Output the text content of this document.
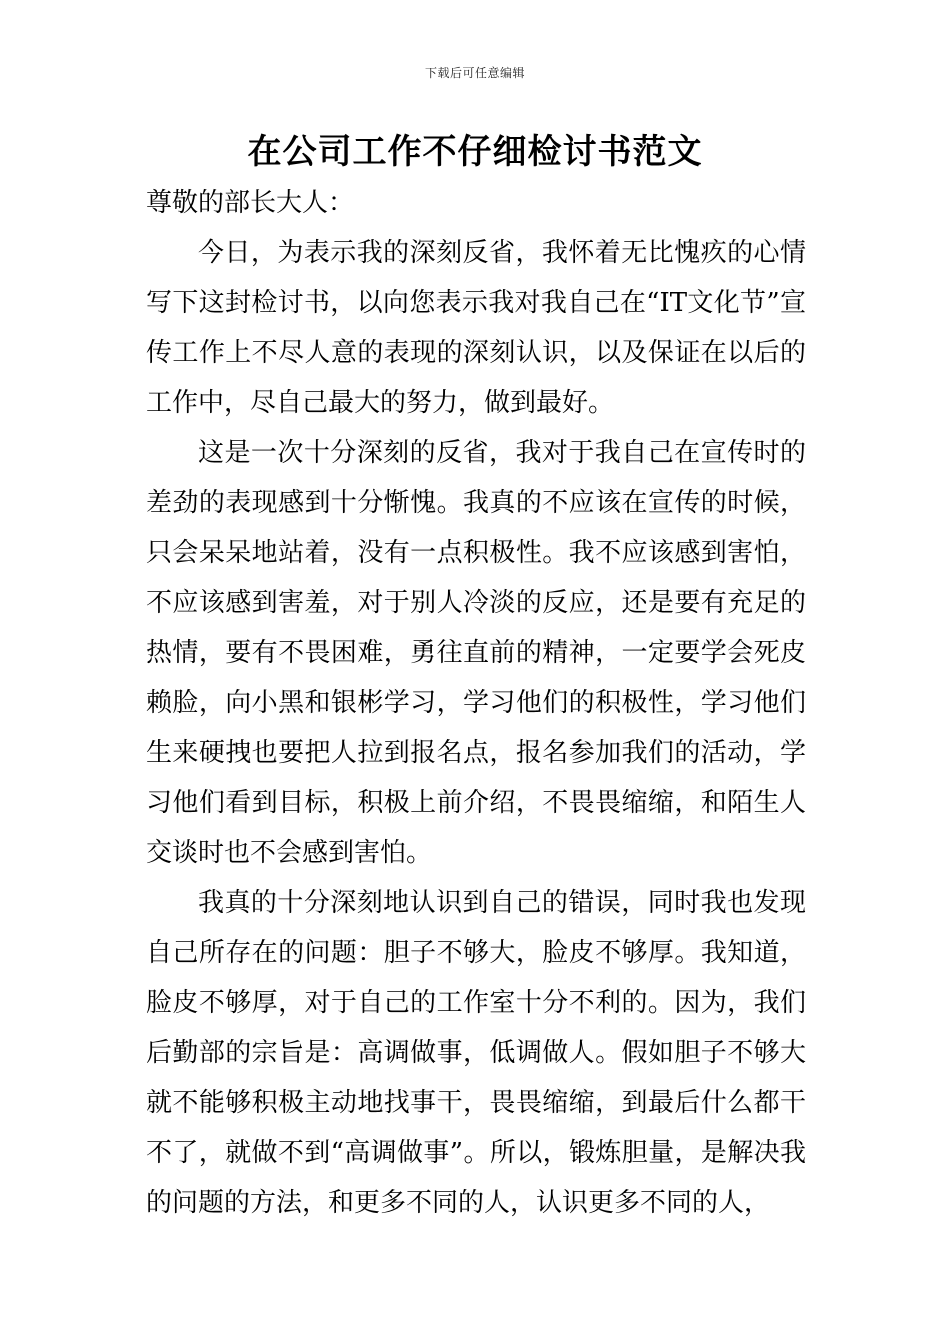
下载后可任意编辑
在公司工作不仔细检讨书范文

尊敬的部长大人：

今日，为表示我的深刻反省，我怀着无比愧疚的心情写下这封检讨书，以向您表示我对我自己在“IT文化节”宣传工作上不尽人意的表现的深刻认识，以及保证在以后的工作中，尽自己最大的努力，做到最好。

这是一次十分深刻的反省，我对于我自己在宣传时的差劲的表现感到十分惭愧。我真的不应该在宣传的时候，只会呆呆地站着，没有一点积极性。我不应该感到害怕，不应该感到害羞，对于别人冷淡的反应，还是要有充足的热情，要有不畏困难，勇往直前的精神，一定要学会死皮赖脸，向小黑和银彬学习，学习他们的积极性，学习他们生来硬拽也要把人拉到报名点，报名参加我们的活动，学习他们看到目标，积极上前介绍，不畏畏缩缩，和陌生人交谈时也不会感到害怕。

我真的十分深刻地认识到自己的错误，同时我也发现自己所存在的问题：胆子不够大，脸皮不够厚。我知道，脸皮不够厚，对于自己的工作室十分不利的。因为，我们后勤部的宗旨是：高调做事，低调做人。假如胆子不够大就不能够积极主动地找事干，畏畏缩缩，到最后什么都干不了，就做不到“高调做事”。所以，锻炼胆量，是解决我的问题的方法，和更多不同的人，认识更多不同的人，
